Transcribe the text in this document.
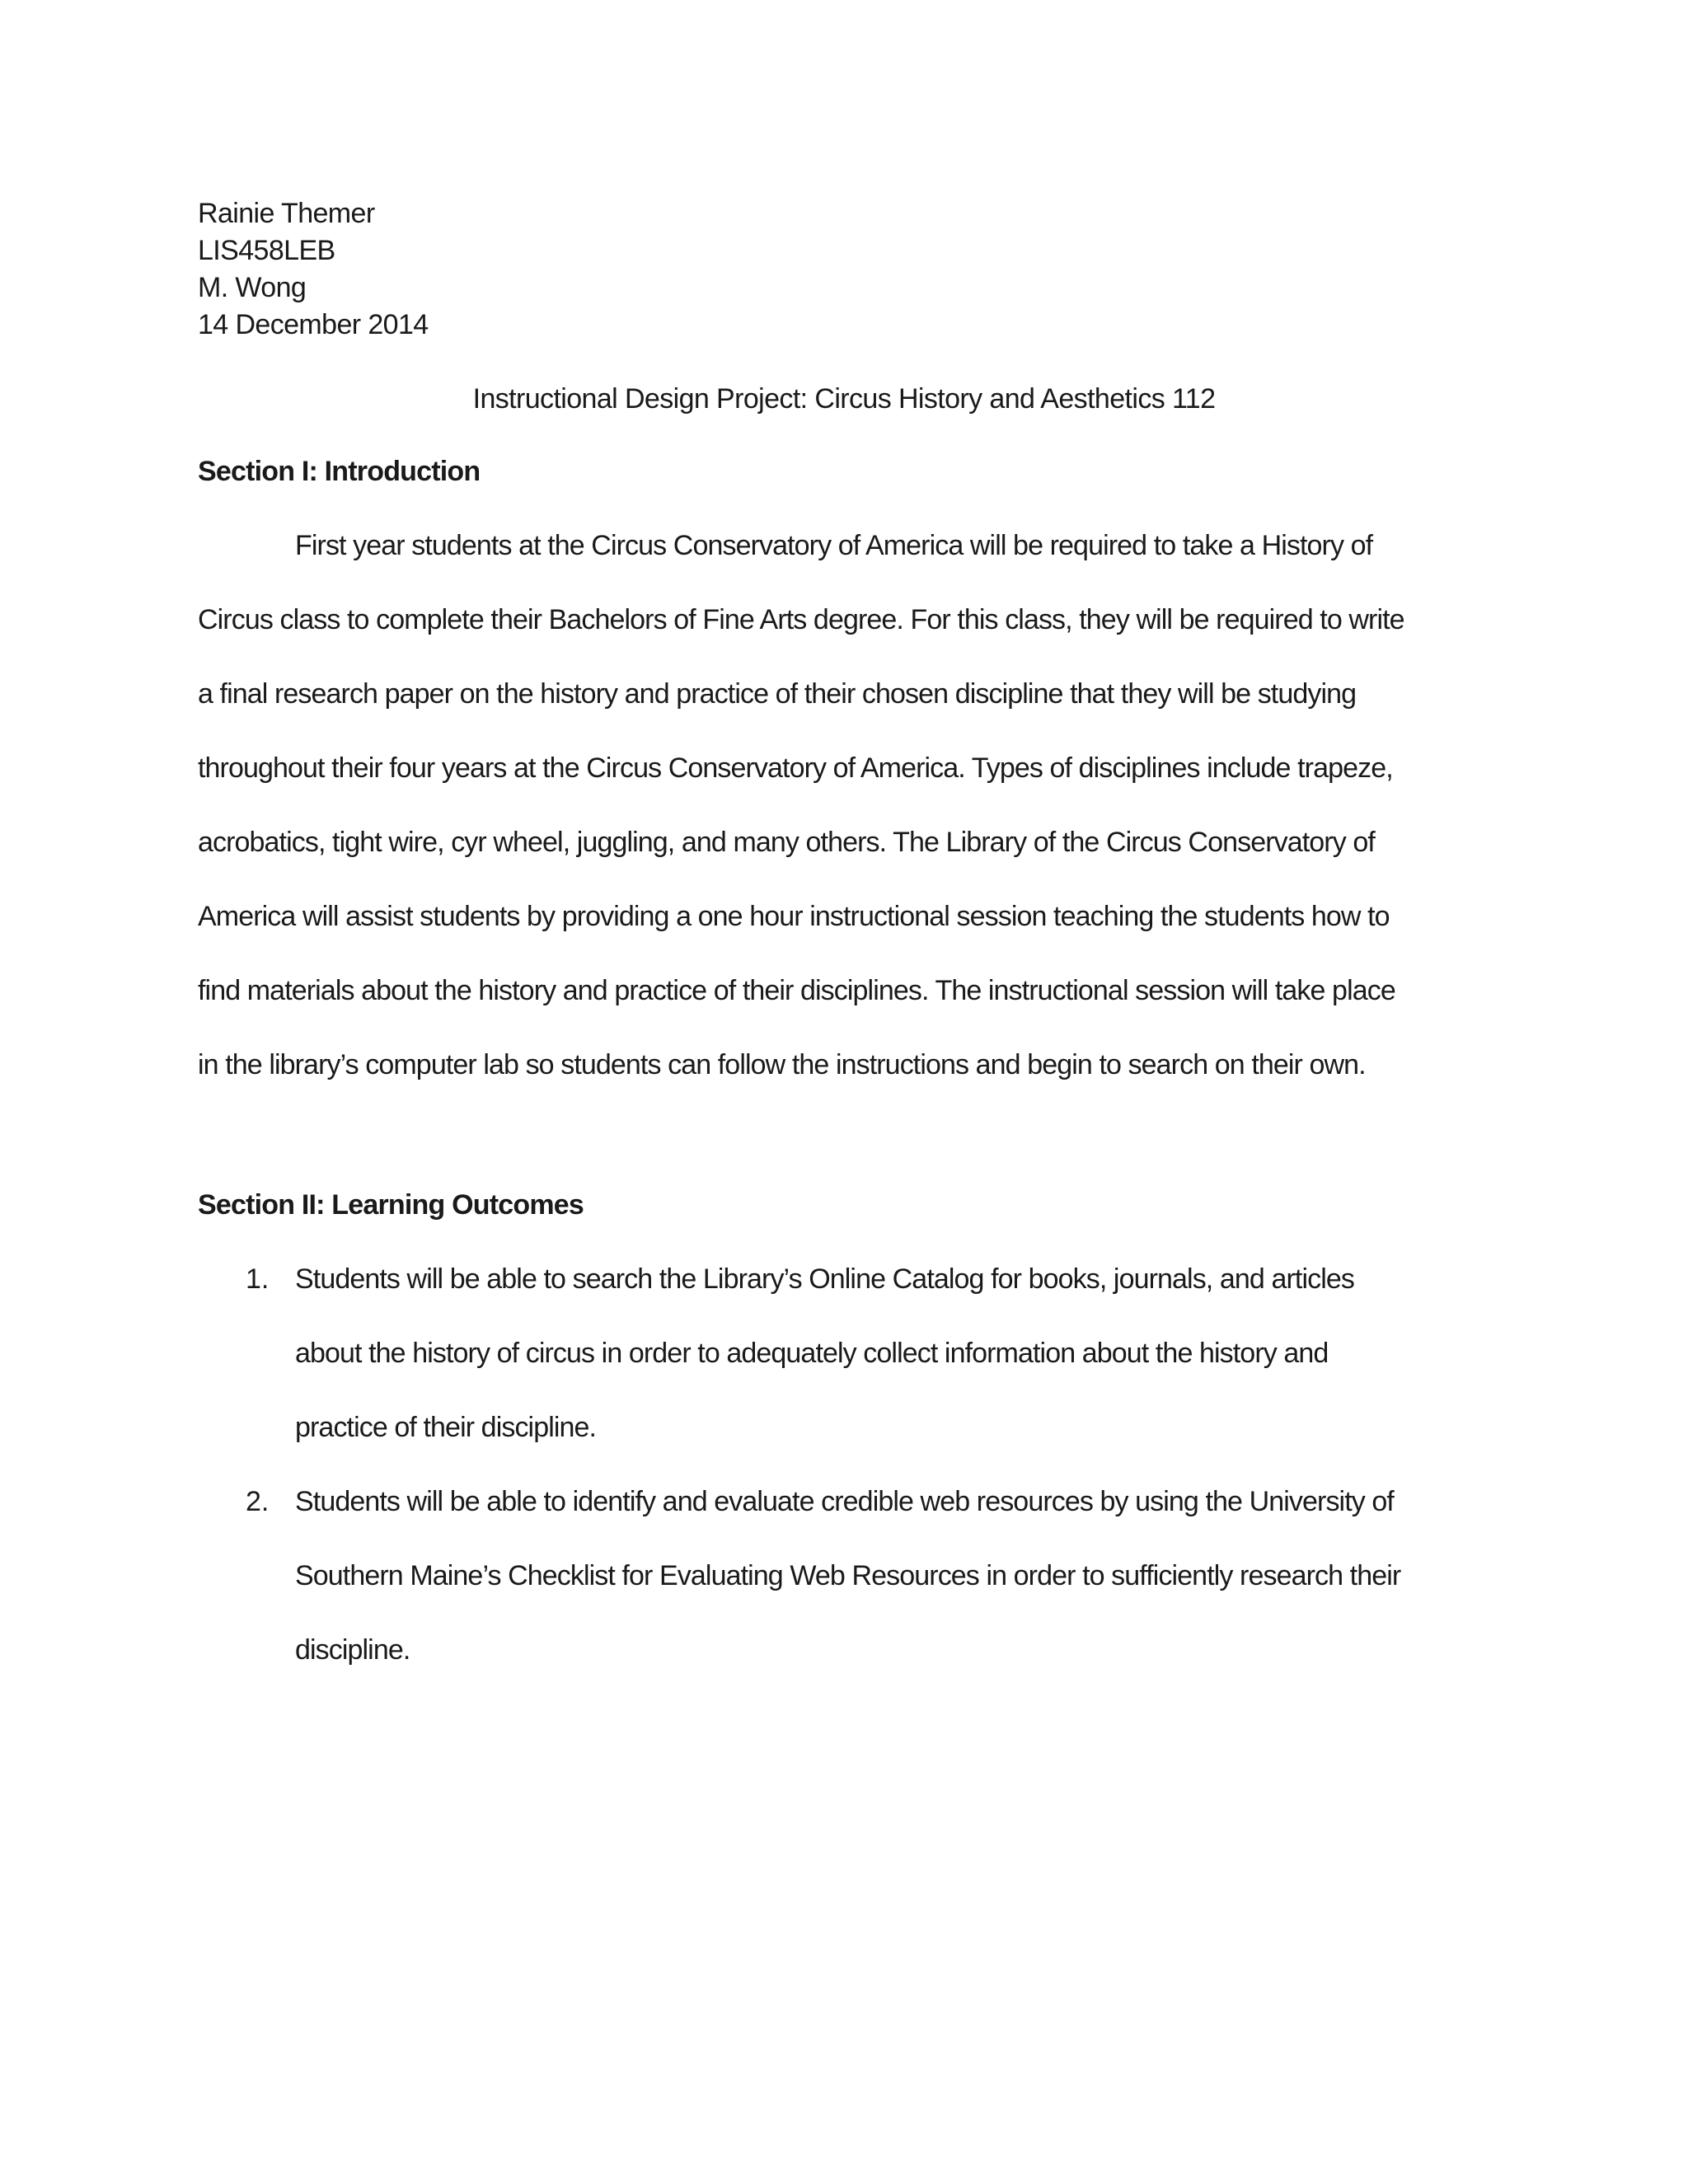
Rainie Themer
LIS458LEB
M. Wong
14 December 2014
Instructional Design Project: Circus History and Aesthetics 112
Section I: Introduction
First year students at the Circus Conservatory of America will be required to take a History of
Circus class to complete their Bachelors of Fine Arts degree. For this class, they will be required to write
a final research paper on the history and practice of their chosen discipline that they will be studying
throughout their four years at the Circus Conservatory of America. Types of disciplines include trapeze,
acrobatics, tight wire, cyr wheel, juggling, and many others. The Library of the Circus Conservatory of
America will assist students by providing a one hour instructional session teaching the students how to
find materials about the history and practice of their disciplines. The instructional session will take place
in the library’s computer lab so students can follow the instructions and begin to search on their own.
Section II: Learning Outcomes
1. Students will be able to search the Library’s Online Catalog for books, journals, and articles
about the history of circus in order to adequately collect information about the history and
practice of their discipline.
2. Students will be able to identify and evaluate credible web resources by using the University of
Southern Maine’s Checklist for Evaluating Web Resources in order to sufficiently research their
discipline.
